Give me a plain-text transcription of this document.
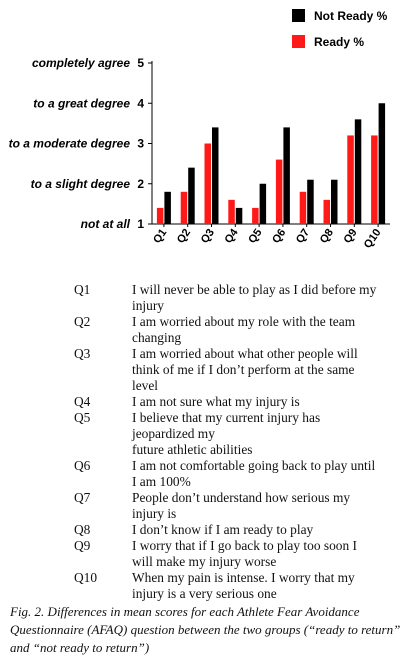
1
not at all
2
to a slight degree
3
to a moderate degree
4
to a great degree
5
completely agree
Q1 Q2 Q3 Q4 Q5 Q6 Q7 Q8 Q9 Q10
Not Ready %
Ready %
Q1	I will never be able to play as I did before my
injury
Q2	I am worried about my role with the team
changing
Q3	I am worried about what other people will
think of me if I don’t perform at the same
level
Q4	I am not sure what my injury is
Q5	I believe that my current injury has
jeopardized my
future athletic abilities
Q6	I am not comfortable going back to play until
I am 100%
Q7	People don’t understand how serious my
injury is
Q8	I don’t know if I am ready to play
Q9	I worry that if I go back to play too soon I
will make my injury worse
Q10	When my pain is intense. I worry that my
injury is a very serious one
Fig. 2. Differences in mean scores for each Athlete Fear Avoidance Questionnaire (AFAQ) question between the two groups (“ready to return” and “not ready to return”)
